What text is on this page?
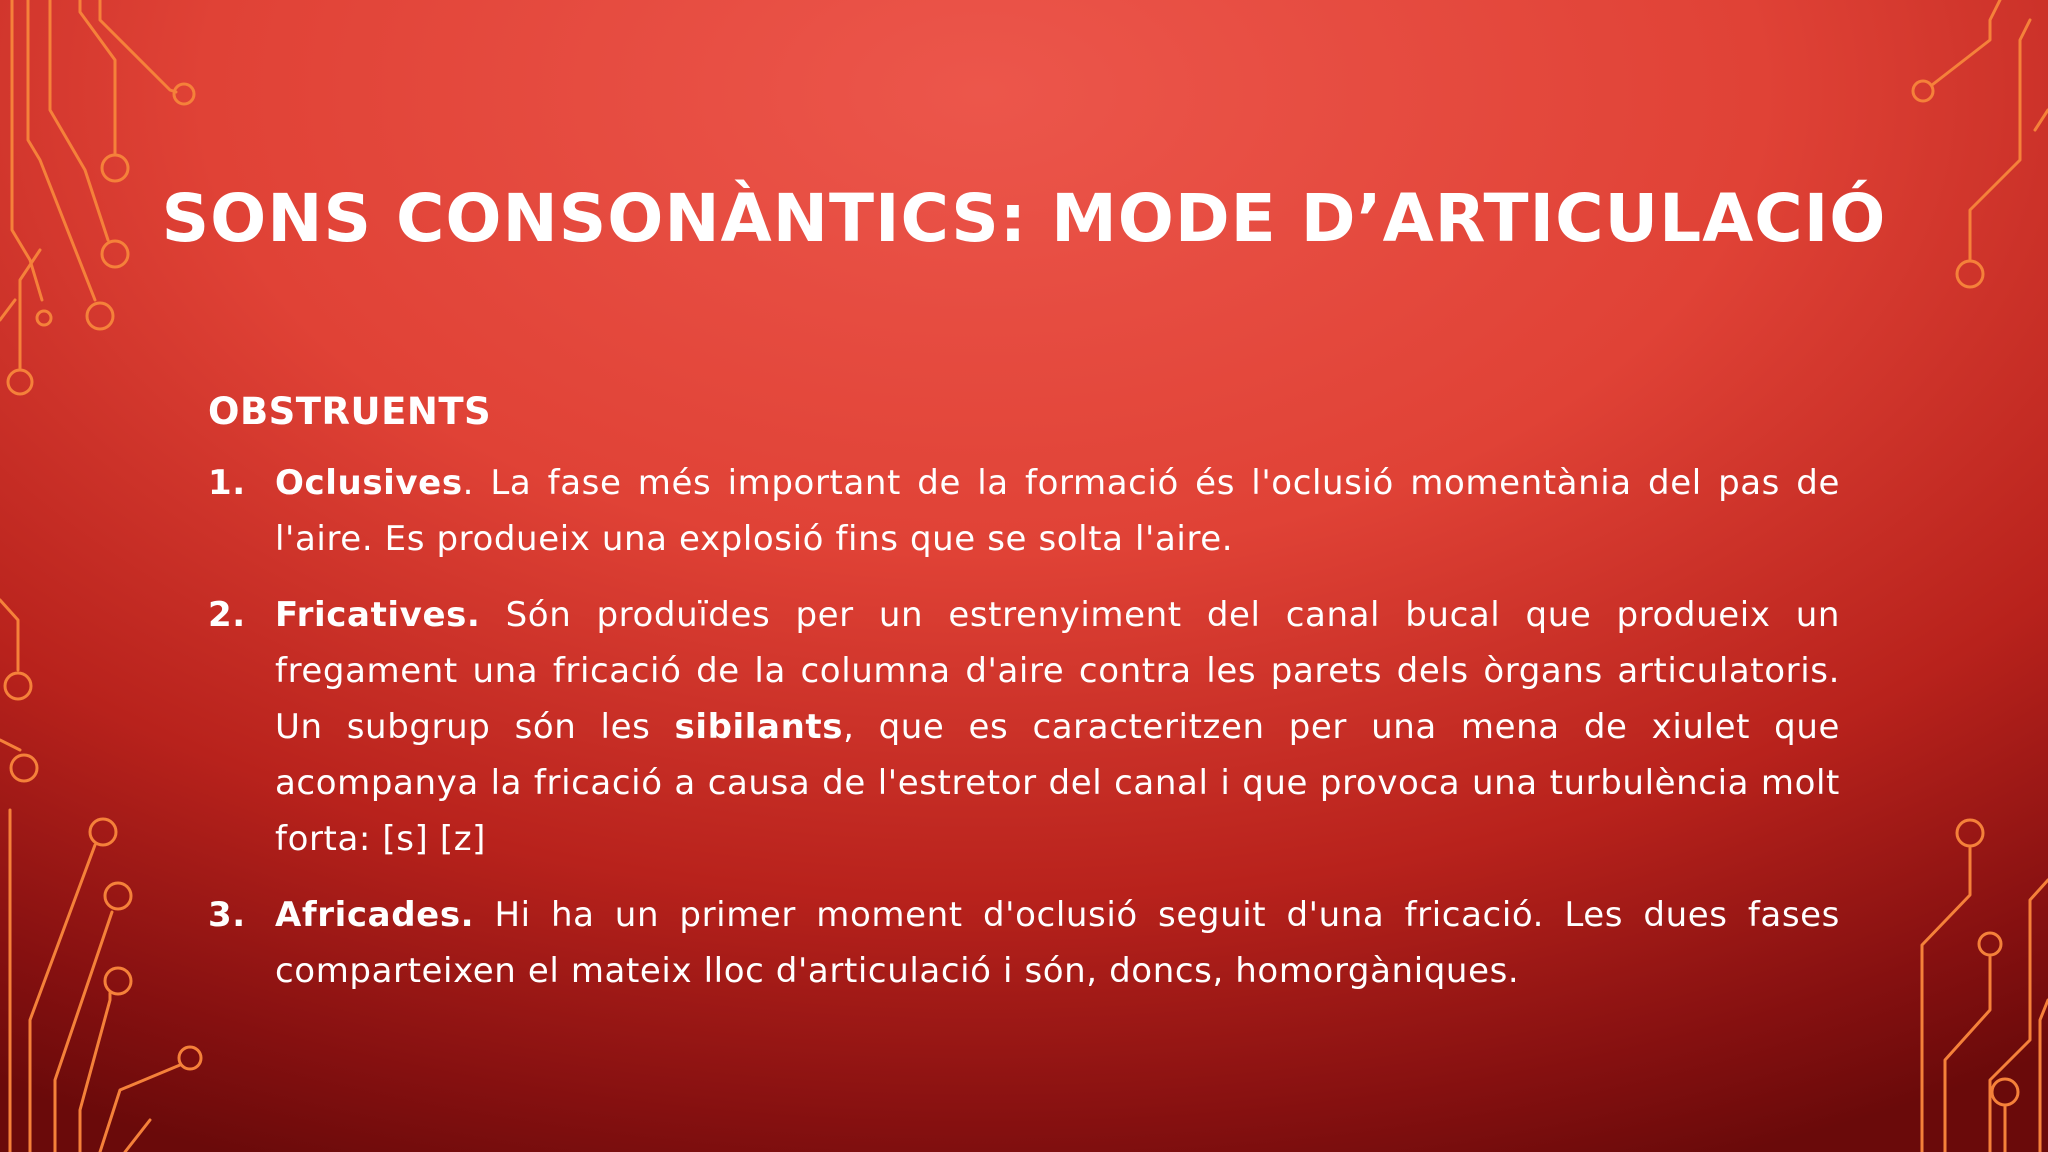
SONS CONSONÀNTICS: MODE D’ARTICULACIÓ
OBSTRUENTS
1. Oclusives. La fase més important de la formació és l'oclusió momentània del pas de l'aire. Es produeix una explosió fins que se solta l'aire.
2. Fricatives. Són produïdes per un estrenyiment del canal bucal que produeix un fregament una fricació de la columna d'aire contra les parets dels òrgans articulatoris. Un subgrup són les sibilants, que es caracteritzen per una mena de xiulet que acompanya la fricació a causa de l'estretor del canal i que provoca una turbulència molt forta: [s] [z]
3. Africades. Hi ha un primer moment d'oclusió seguit d'una fricació. Les dues fases comparteixen el mateix lloc d'articulació i són, doncs, homorgàniques.
